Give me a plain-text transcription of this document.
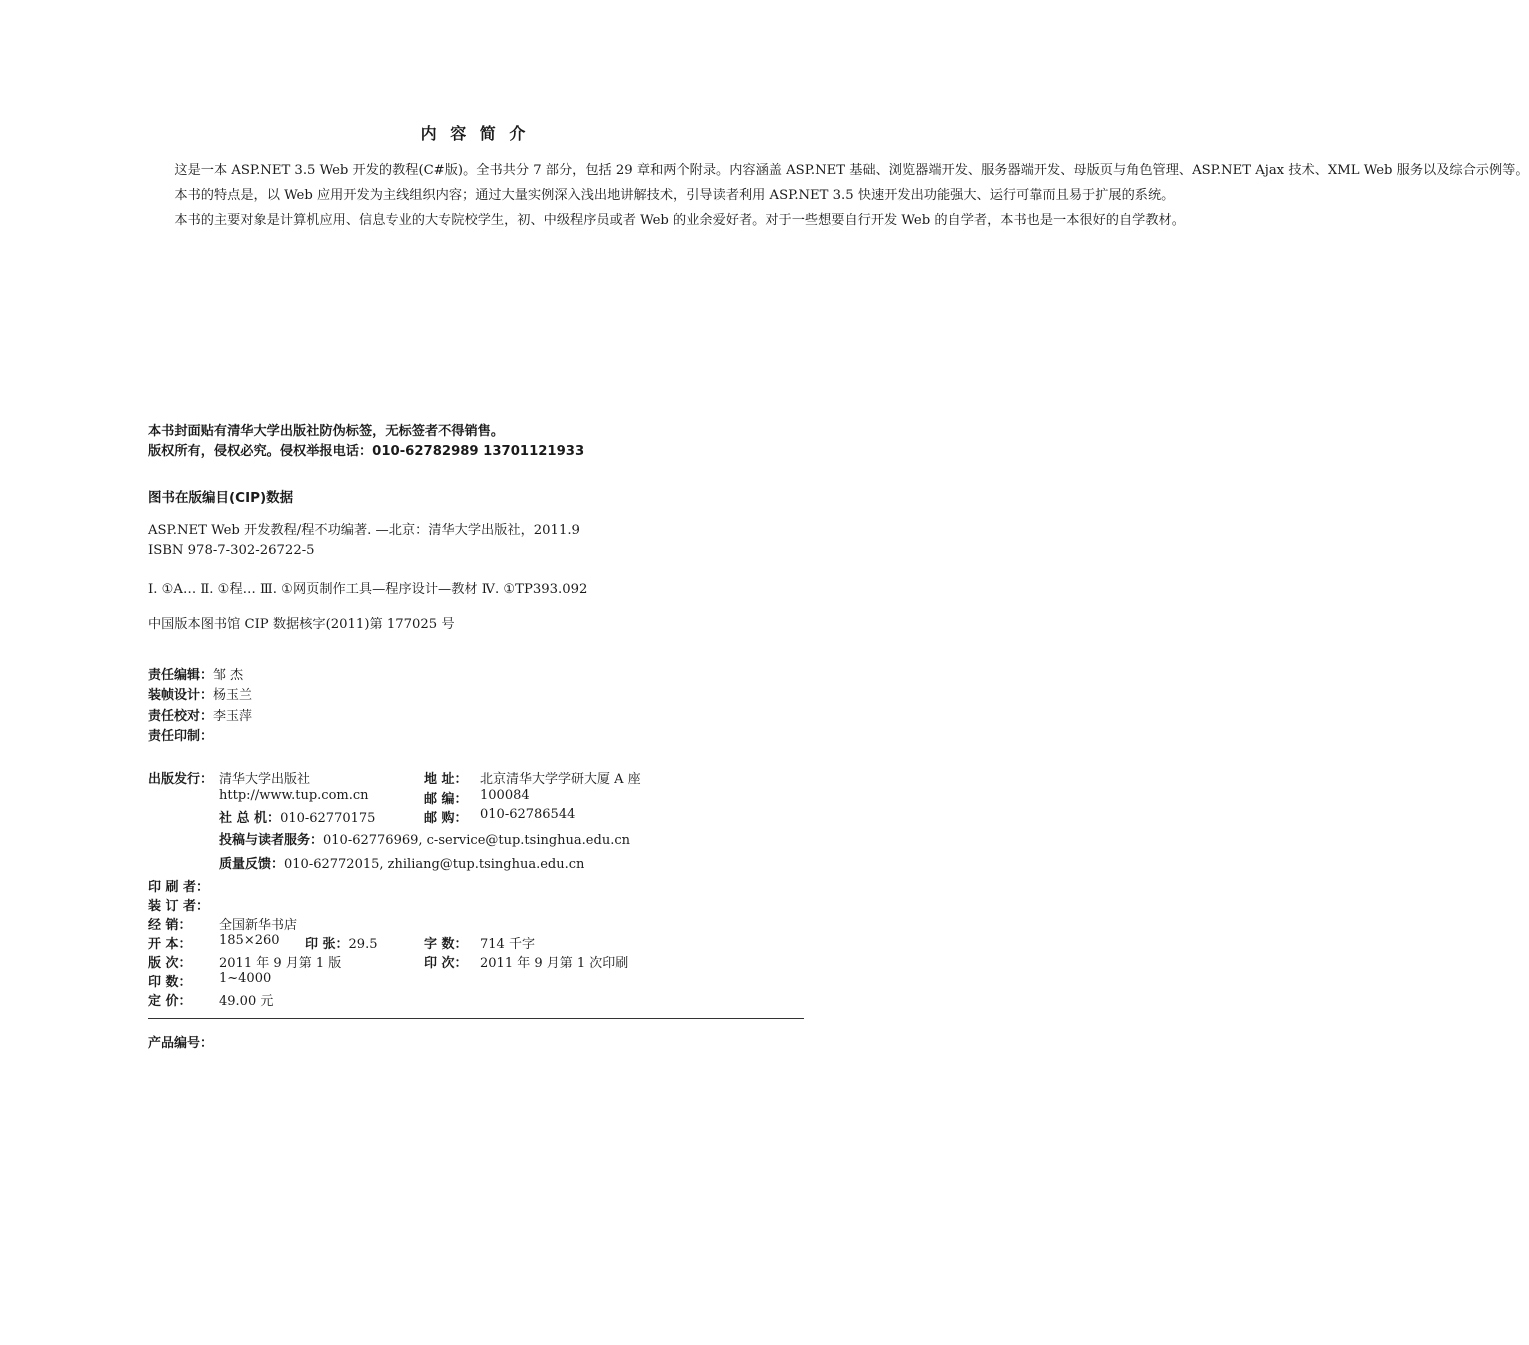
内 容 简 介

这是一本 ASP.NET 3.5 Web 开发的教程(C#版)。全书共分 7 部分，包括 29 章和两个附录。内容涵盖 ASP.NET 基础、浏览器端开发、服务器端开发、母版页与角色管理、ASP.NET Ajax 技术、XML Web 服务以及综合示例等。

本书的特点是，以 Web 应用开发为主线组织内容；通过大量实例深入浅出地讲解技术，引导读者利用 ASP.NET 3.5 快速开发出功能强大、运行可靠而且易于扩展的系统。

本书的主要对象是计算机应用、信息专业的大专院校学生，初、中级程序员或者 Web 的业余爱好者。对于一些想要自行开发 Web 的自学者，本书也是一本很好的自学教材。

本书封面贴有清华大学出版社防伪标签，无标签者不得销售。
版权所有，侵权必究。侵权举报电话：010-62782989 13701121933
图书在版编目(CIP)数据
ASP.NET Web 开发教程/程不功编著. —北京：清华大学出版社，2011.9
ISBN 978-7-302-26722-5
Ⅰ. ①A… Ⅱ. ①程… Ⅲ. ①网页制作工具—程序设计—教材 Ⅳ. ①TP393.092
中国版本图书馆 CIP 数据核字(2011)第 177025 号
责任编辑：邹 杰
装帧设计：杨玉兰
责任校对：李玉萍
责任印制：
出版发行： 清华大学出版社	地 址： 北京清华大学学研大厦 A 座
http://www.tup.com.cn	邮 编： 100084
社 总 机：010-62770175	邮 购： 010-62786544
投稿与读者服务：010-62776969, c-service@tup.tsinghua.edu.cn
质量反馈：010-62772015, zhiliang@tup.tsinghua.edu.cn
印 刷 者：
装 订 者：
经 销： 全国新华书店
开 本： 185×260 印 张：29.5	字 数： 714 千字
版 次： 2011 年 9 月第 1 版	印 次： 2011 年 9 月第 1 次印刷
印 数： 1~4000
定 价： 49.00 元
产品编号：
